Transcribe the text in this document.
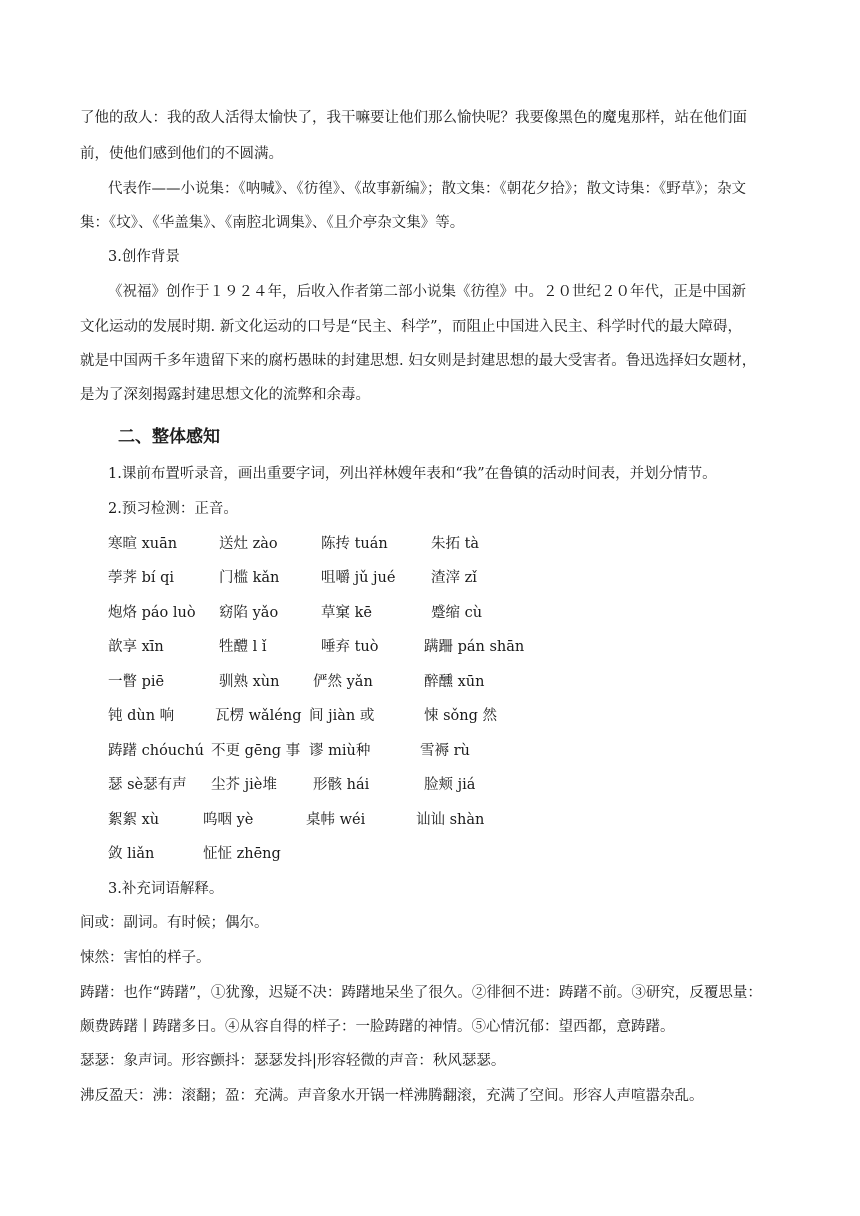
了他的敌人：我的敌人活得太愉快了，我干嘛要让他们那么愉快呢？我要像黑色的魔鬼那样，站在他们面
前，使他们感到他们的不圆满。
代表作——小说集：《呐喊》、《彷徨》、《故事新编》；散文集：《朝花夕拾》；散文诗集：《野草》；杂文
集：《坟》、《华盖集》、《南腔北调集》、《且介亭杂文集》等。
3.创作背景
《祝福》创作于１９２４年，后收入作者第二部小说集《彷徨》中。２０世纪２０年代，正是中国新
文化运动的发展时期. 新文化运动的口号是“民主、科学”，而阻止中国进入民主、科学时代的最大障碍，
就是中国两千多年遗留下来的腐朽愚昧的封建思想. 妇女则是封建思想的最大受害者。鲁迅选择妇女题材，
是为了深刻揭露封建思想文化的流弊和余毒。
二、整体感知
1.课前布置听录音，画出重要字词，列出祥林嫂年表和“我”在鲁镇的活动时间表，并划分情节。
2.预习检测：正音。
寒暄 xuān	送灶 zào	陈抟 tuán	朱拓 tà
荸荠 bí qi	门槛 kǎn	咀嚼 jǔ jué 渣滓 zǐ
炮烙 páo luò 窈陷 yǎo	草窠 kē	蹙缩 cù
歆享 xīn	牲醴 l ǐ	唾弃 tuò	蹒跚 pán shān
一瞥 piē	驯熟 xùn 俨然 yǎn	醉醺 xūn
钝 dùn 响	瓦楞 wǎléng 间 jiàn 或	悚 sǒng 然
踌躇 chóuchú 不更 gēng 事 谬 miù种	雪褥 rù
瑟 sè瑟有声 尘芥 jiè堆 形骸 hái	脸颊 jiá
絮絮 xù	呜咽 yè	桌帏 wéi	讪讪 shàn
敛 liǎn	怔怔 zhēng
3.补充词语解释。
间或：副词。有时候；偶尔。
悚然：害怕的样子。
踌躇：也作“踌躇”，①犹豫，迟疑不决：踌躇地呆坐了很久。②徘徊不进：踌躇不前。③研究，反覆思量：
颇费踌躇丨踌躇多日。④从容自得的样子：一脸踌躇的神情。⑤心情沉郁：望西都，意踌躇。
瑟瑟：象声词。形容颤抖：瑟瑟发抖|形容轻微的声音：秋风瑟瑟。
沸反盈天：沸：滚翻；盈：充满。声音象水开锅一样沸腾翻滚，充满了空间。形容人声喧嚣杂乱。
